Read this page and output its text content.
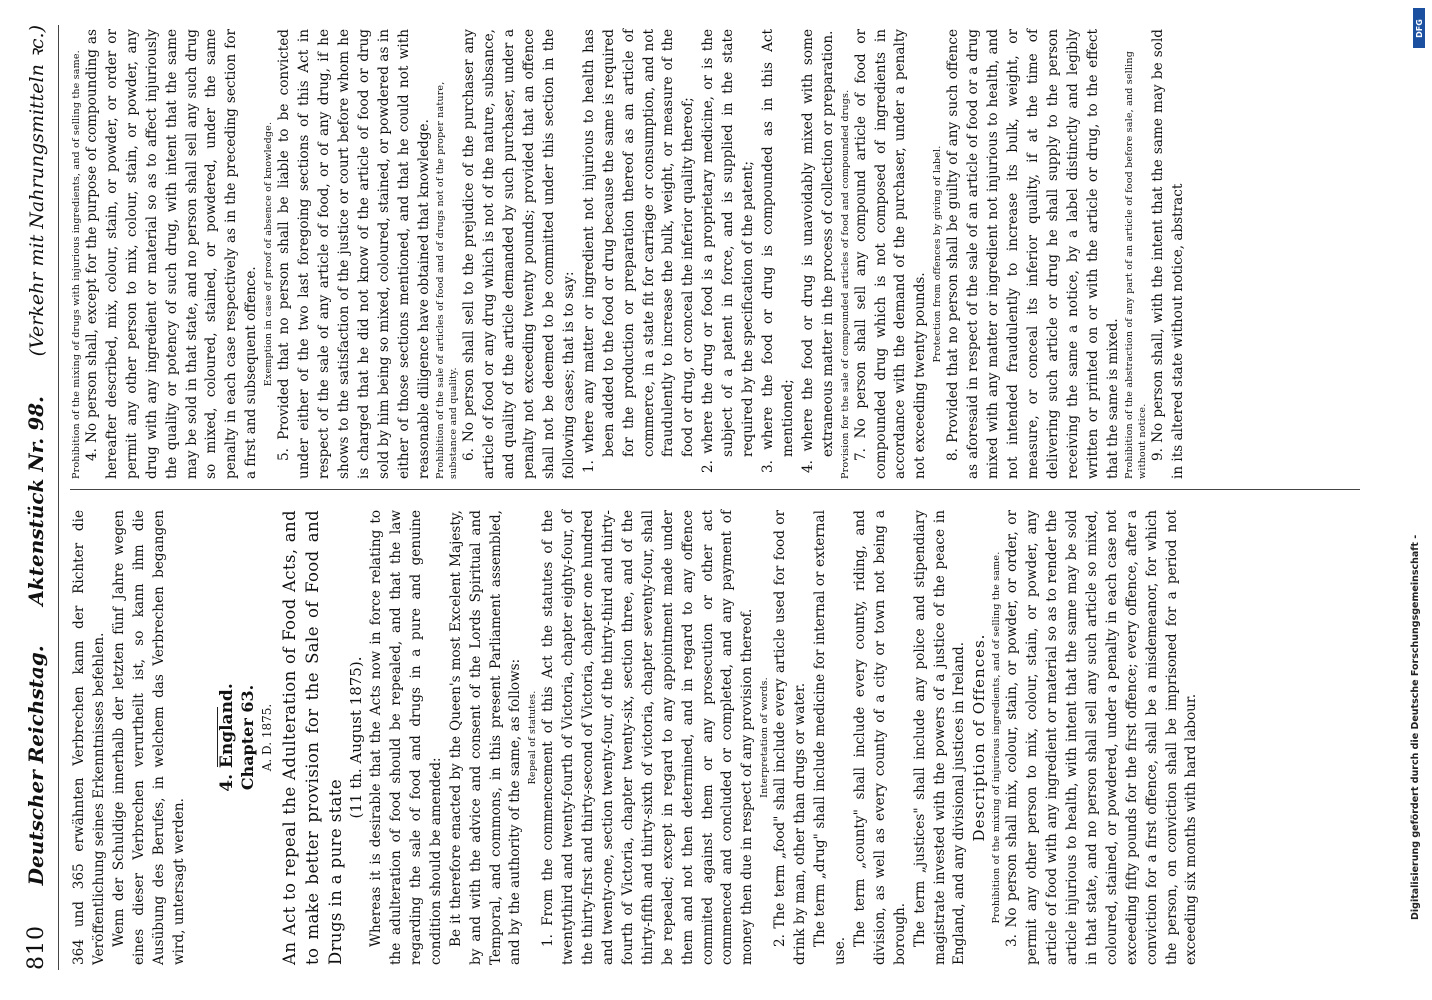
810
Deutscher Reichstag.
Aktenstück Nr. 98.
(Verkehr mit Nahrungsmitteln ꝛc.)

364 und 365 erwähnten Verbrechen kann der Richter die Veröffentlichung seines Erkenntnisses befehlen. Wenn der Schuldige innerhalb der letzten fünf Jahre wegen eines dieser Verbrechen verurtheilt ist, so kann ihm die Ausübung des Berufes, in welchem das Verbrechen begangen wird, untersagt werden.

4. England. Chapter 63. A. D. 1875. An Act to repeal the Adulteration of Food Acts, and to make better provision for the Sale of Food and Drugs in a pure state

(11 th. August 1875). Whereas it is desirable that the Acts now in force relating to the adulteration of food should be repealed, and that the law regarding the sale of food and drugs in a pure and genuine condition should be amended: Be it therefore enacted by the Queen's most Excelent Majesty, by and with the advice and consent of the Lords Spiritual and Temporal, and commons, in this present Parliament assembled, and by the authority of the same, as follows: Repeal of statutes. 1. From the commencement of this Act the statutes of the twentythird and twenty-fourth of Victoria, chapter eighty-four, of the thirty-first and thirty-second of Victoria, chapter one hundred and twenty-one, section twenty-four, of the thirty-third and thirty-fourth of Victoria, chapter twenty-six, section three, and of the thirty-fifth and thirty-sixth of victoria, chapter seventy-four, shall be repealed; except in regard to any appointment made under them and not then determined, and in regard to any offence commited against them or any prosecution or other act commenced and concluded or completed, and any payment of money then due in respect of any provision thereof. Interpretation of words. 2. The term „food" shall include every article used for food or drink by man, other than drugs or water. The term „drug" shall include medicine for internal or external use.

The term „county" shall include every county, riding, and division, as well as every county of a city or town not being a borough. The term „justices" shall include any police and stipendiary magistrate invested with the powers of a justice of the peace in England, and any divisional justices in Ireland. Description of Offences. Prohibition of the mixing of injurious ingredients, and of selling the same. 3. No person shall mix, colour, stain, or powder, or order, or permit any other person to mix, colour, stain, or powder, any article of food with any ingredient or material so as to render the article injurious to health, with intent that the same may be sold in that state, and no person shall sell any such article so mixed, coloured, stained, or powdered, under a penalty in each case not exceeding fifty pounds for the first offence; every offence, after a conviction for a first offence, shall be a misdemeanor, for which the person, on conviction shall be imprisoned for a period not exceeding six months with hard labour.

Prohibition of the mixing of drugs with injurious ingredients, and of selling the same. 4. No person shall, except for the purpose of compounding as hereafter described, mix, colour, stain, or powder, or order or permit any other person to mix, colour, stain, or powder, any drug with any ingredient or material so as to affect injuriously the quality or potency of such drug, with intent that the same may be sold in that state, and no person shall sell any such drug so mixed, coloured, stained, or powdered, under the same penalty in each case respectively as in the preceding section for a first and subsequent offence. Exemption in case of proof of absence of knowledge. 5. Provided that no person shall be liable to be convicted under either of the two last foregoing sections of this Act in respect of the sale of any article of food, or of any drug, if he shows to the satisfaction of the justice or court before whom he is charged that he did not know of the article of food or drug sold by him being so mixed, coloured, stained, or powdered as in either of those sections mentioned, and that he could not with reasonable diligence have obtained that knowledge. Prohibition of the sale of articles of food and of drugs not of the proper nature, substance and quality. 6. No person shall sell to the prejudice of the purchaser any article of food or any drug which is not of the nature, subsance, and quality of the article demanded by such purchaser, under a penalty not exceeding twenty pounds; provided that an offence shall not be deemed to be committed under this section in the following cases; that is to say: 1. where any matter or ingredient not injurious to health has been added to the food or drug because the same is required for the production or preparation thereof as an article of commerce, in a state fit for carriage or consumption, and not fraudulently to increase the bulk, weight, or measure of the food or drug, or conceal the inferior quality thereof; 2. where the drug or food is a proprietary medicine, or is the subject of a patent in force, and is supplied in the state required by the specification of the patent; 3. where the food or drug is compounded as in this Act mentioned; 4. where the food or drug is unavoidably mixed with some extraneous matter in the process of collection or preparation. Provision for the sale of compounded articles of food and compounded drugs. 7. No person shall sell any compound article of food or compounded drug which is not composed of ingredients in accordance with the demand of the purchaser, under a penalty not exceeding twenty pounds.

Protection from offences by giving of label. 8. Provided that no person shall be guilty of any such offence as aforesaid in respect of the sale of an article of food or a drug mixed with any matter or ingredient not injurious to health, and not intended fraudulently to increase its bulk, weight, or measure, or conceal its inferior quality, if at the time of delivering such article or drug he shall supply to the person receiving the same a notice, by a label distinctly and legibly written or printed on or with the article or drug, to the effect that the same is mixed. Prohibition of the abstraction of any part of an article of food before sale, and selling without notice. 9. No person shall, with the intent that the same may be sold in its altered state without notice, abstract

DFG
Digitalisierung gefördert durch die Deutsche Forschungsgemeinschaft -
